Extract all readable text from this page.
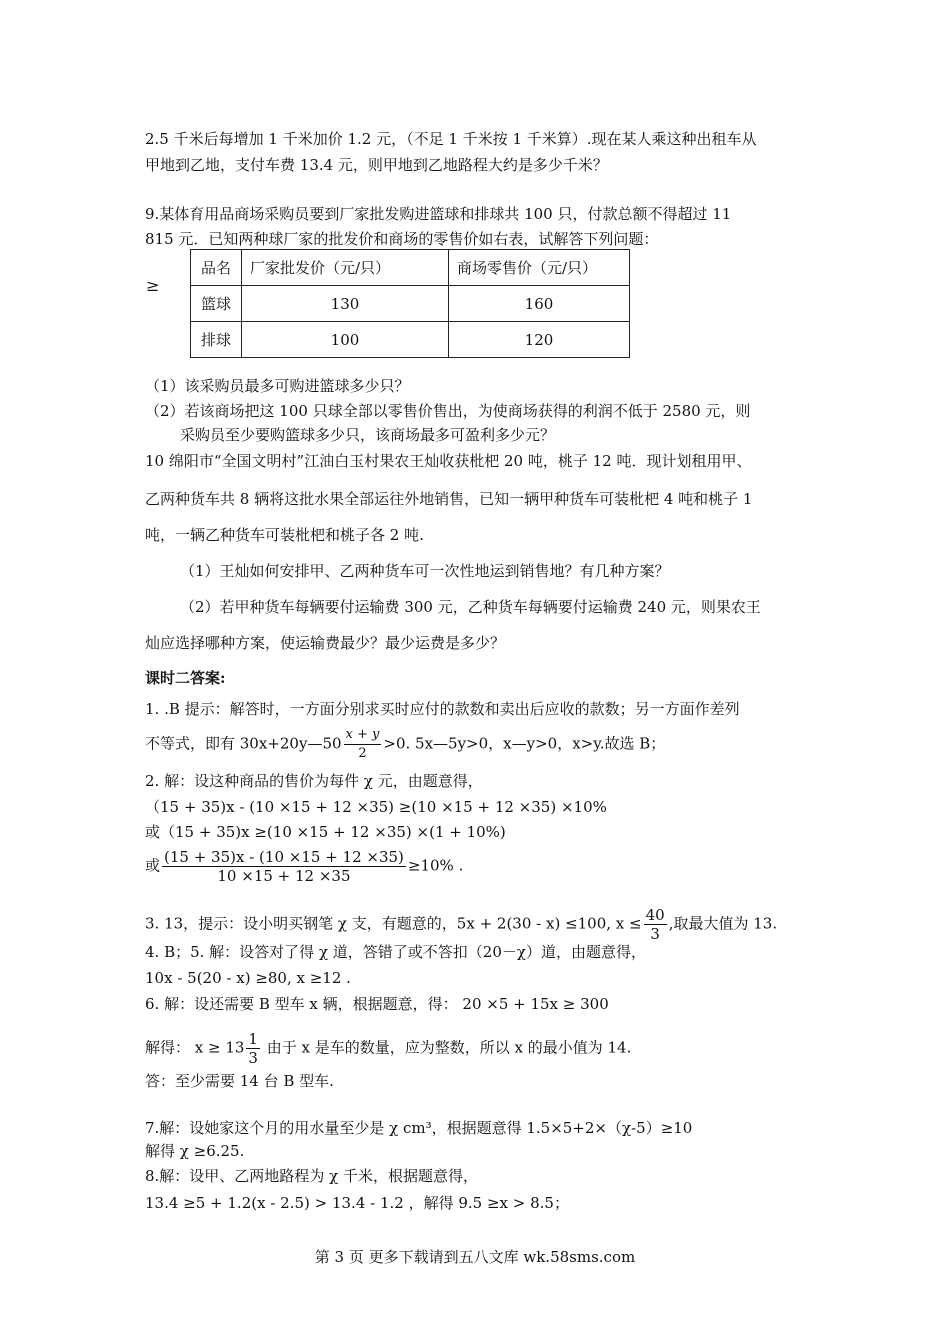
2.5 千米后每增加 1 千米加价 1.2 元，（不足 1 千米按 1 千米算）.现在某人乘这种出租车从
甲地到乙地，支付车费 13.4 元，则甲地到乙地路程大约是多少千米？
9.某体育用品商场采购员要到厂家批发购进篮球和排球共 100 只，付款总额不得超过 11
815 元．已知两种球厂家的批发价和商场的零售价如右表，试解答下列问题：
≥
品名	厂家批发价（元/只）	商场零售价（元/只）
篮球	130	160
排球	100	120
（1）该采购员最多可购进篮球多少只？
（2）若该商场把这 100 只球全部以零售价售出，为使商场获得的利润不低于 2580 元，则
采购员至少要购篮球多少只，该商场最多可盈利多少元？
10 绵阳市“全国文明村”江油白玉村果农王灿收获枇杷 20 吨，桃子 12 吨．现计划租用甲、
乙两种货车共 8 辆将这批水果全部运往外地销售，已知一辆甲种货车可装枇杷 4 吨和桃子 1
吨，一辆乙种货车可装枇杷和桃子各 2 吨.
（1）王灿如何安排甲、乙两种货车可一次性地运到销售地？有几种方案？
（2）若甲种货车每辆要付运输费 300 元，乙种货车每辆要付运输费 240 元，则果农王
灿应选择哪种方案，使运输费最少？最少运费是多少？
课时二答案:
1. .B 提示：解答时，一方面分别求买时应付的款数和卖出后应收的款数；另一方面作差列
不等式，即有 30x+20y—50 $\frac{x + y}{2} >0$. 5x—5y>0，x—y>0，x>y.故选 B；
2. 解：设这种商品的售价为每件 χ 元，由题意得，
（15 + 35)x - (10 ×15 + 12 ×35) ≥(10 ×15 + 12 ×35) ×10%
或（15 + 35)x ≥(10 ×15 + 12 ×35) ×(1 + 10%)
或 $\frac{(15 + 35)x - (10 \times 15 + 12 \times 35)}{10 \times 15 + 12 \times 35} \ge 10\%$ .
3. 13，提示：设小明买钢笔 χ 支，有题意的，5x + 2(30 - x) ≤100, $x \le \frac{40}{3}$ ,取最大值为 13.
4. B；5. 解：设答对了得 χ 道，答错了或不答扣（20－χ）道，由题意得，
10x - 5(20 - x) ≥80, x ≥12 .
6. 解：设还需要 B 型车 x 辆，根据题意，得： 20 ×5 + 15x ≥ 300
解得： $x \ge 13 \frac{1}{3}$ 由于 x 是车的数量，应为整数，所以 x 的最小值为 14.
答：至少需要 14 台 B 型车.
7.解：设她家这个月的用水量至少是 χ cm³，根据题意得 1.5×5+2×（χ-5）≥10
解得 χ ≥6.25.
8.解：设甲、乙两地路程为 χ 千米，根据题意得，
13.4 ≥5 + 1.2(x - 2.5) > 13.4 - 1.2 ，解得 9.5 ≥x > 8.5；
第 3 页 更多下载请到五八文库 wk.58sms.com
